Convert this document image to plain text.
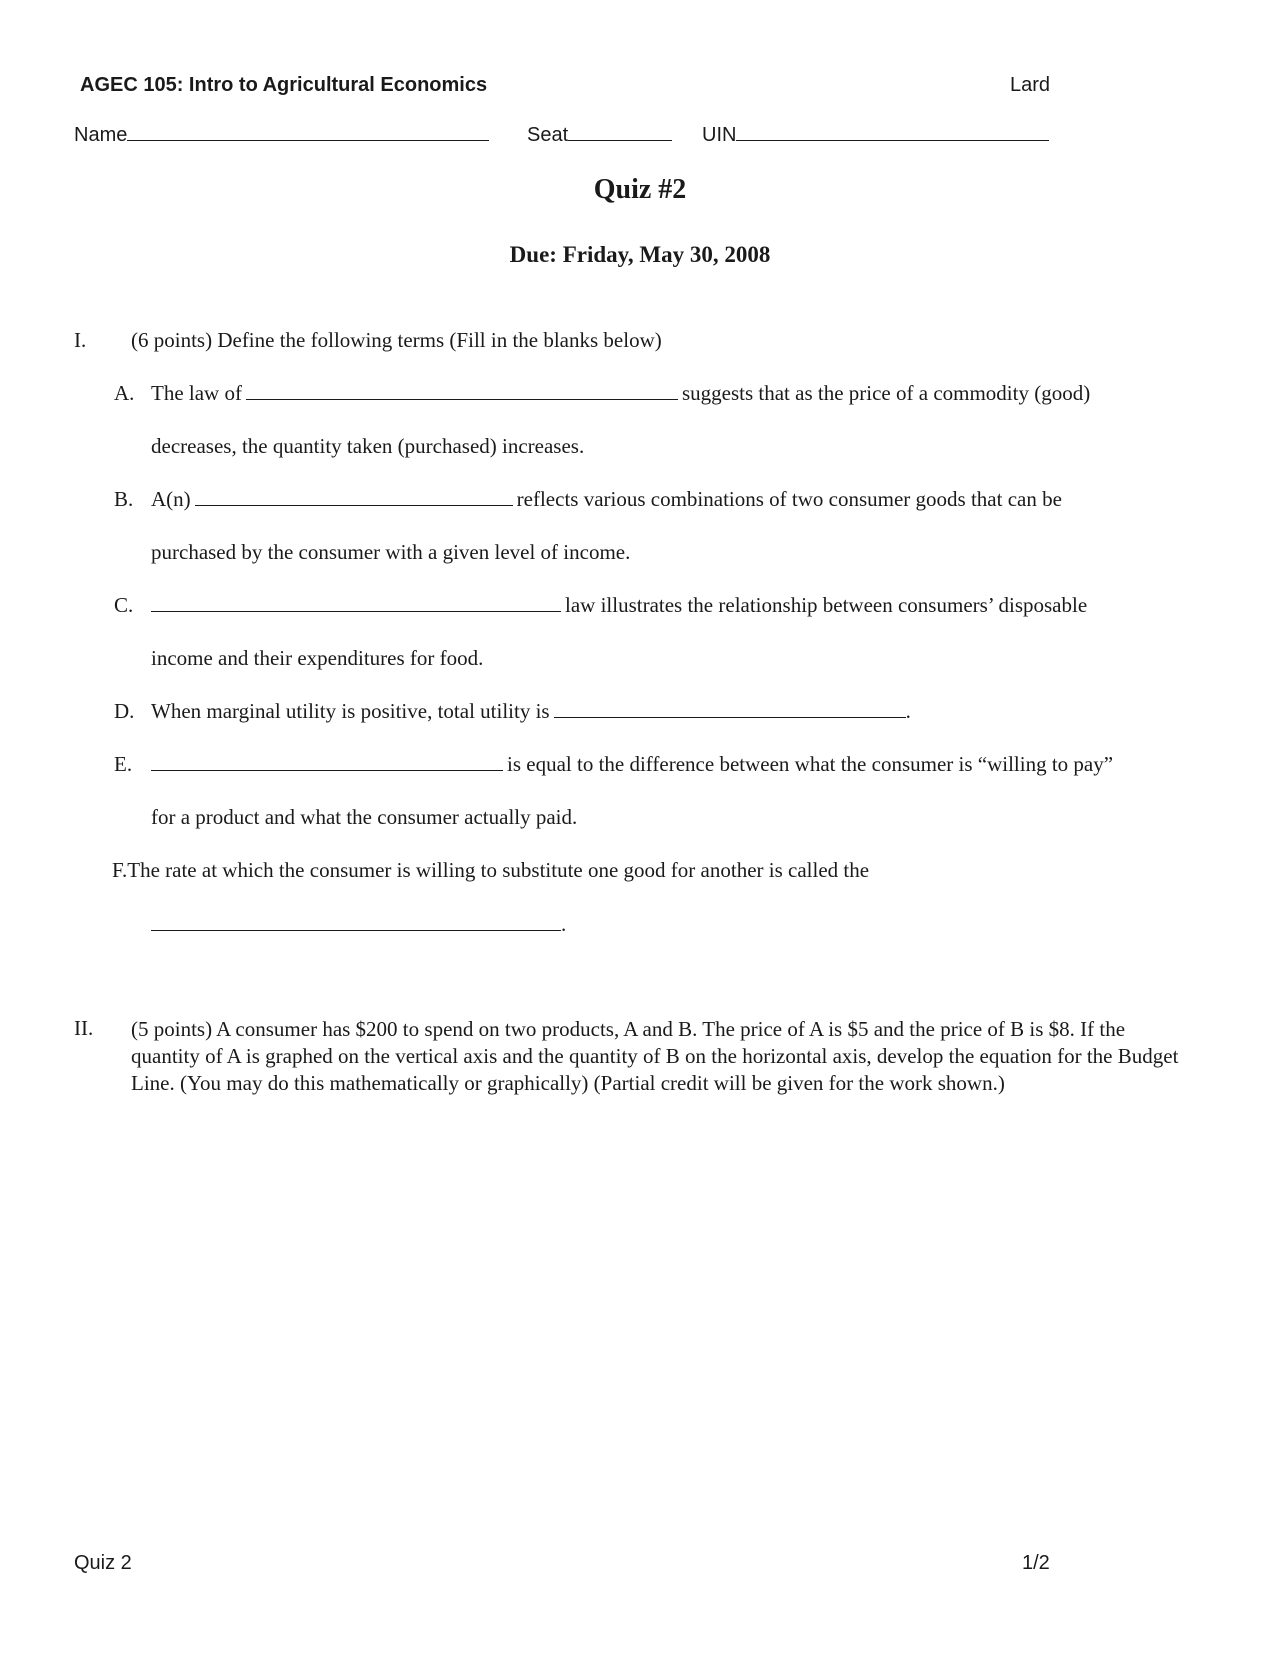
AGEC 105: Intro to Agricultural Economics	Lard
Name	Seat	UIN
Quiz #2
Due: Friday, May 30, 2008
I. (6 points) Define the following terms (Fill in the blanks below)
A. The law of	suggests that as the price of a commodity (good)
decreases, the quantity taken (purchased) increases.
B. A(n)	reflects various combinations of two consumer goods that can be
purchased by the consumer with a given level of income.
C.	law illustrates the relationship between consumers’ disposable
income and their expenditures for food.
D. When marginal utility is positive, total utility is	.
E.	is equal to the difference between what the consumer is “willing to pay”
for a product and what the consumer actually paid.
F.The rate at which the consumer is willing to substitute one good for another is called the
.
II. (5 points) A consumer has $200 to spend on two products, A and B. The price of A is $5 and the price of B is $8. If the quantity of A is graphed on the vertical axis and the quantity of B on the horizontal axis, develop the equation for the Budget Line. (You may do this mathematically or graphically) (Partial credit will be given for the work shown.)
Quiz 2	1/2
